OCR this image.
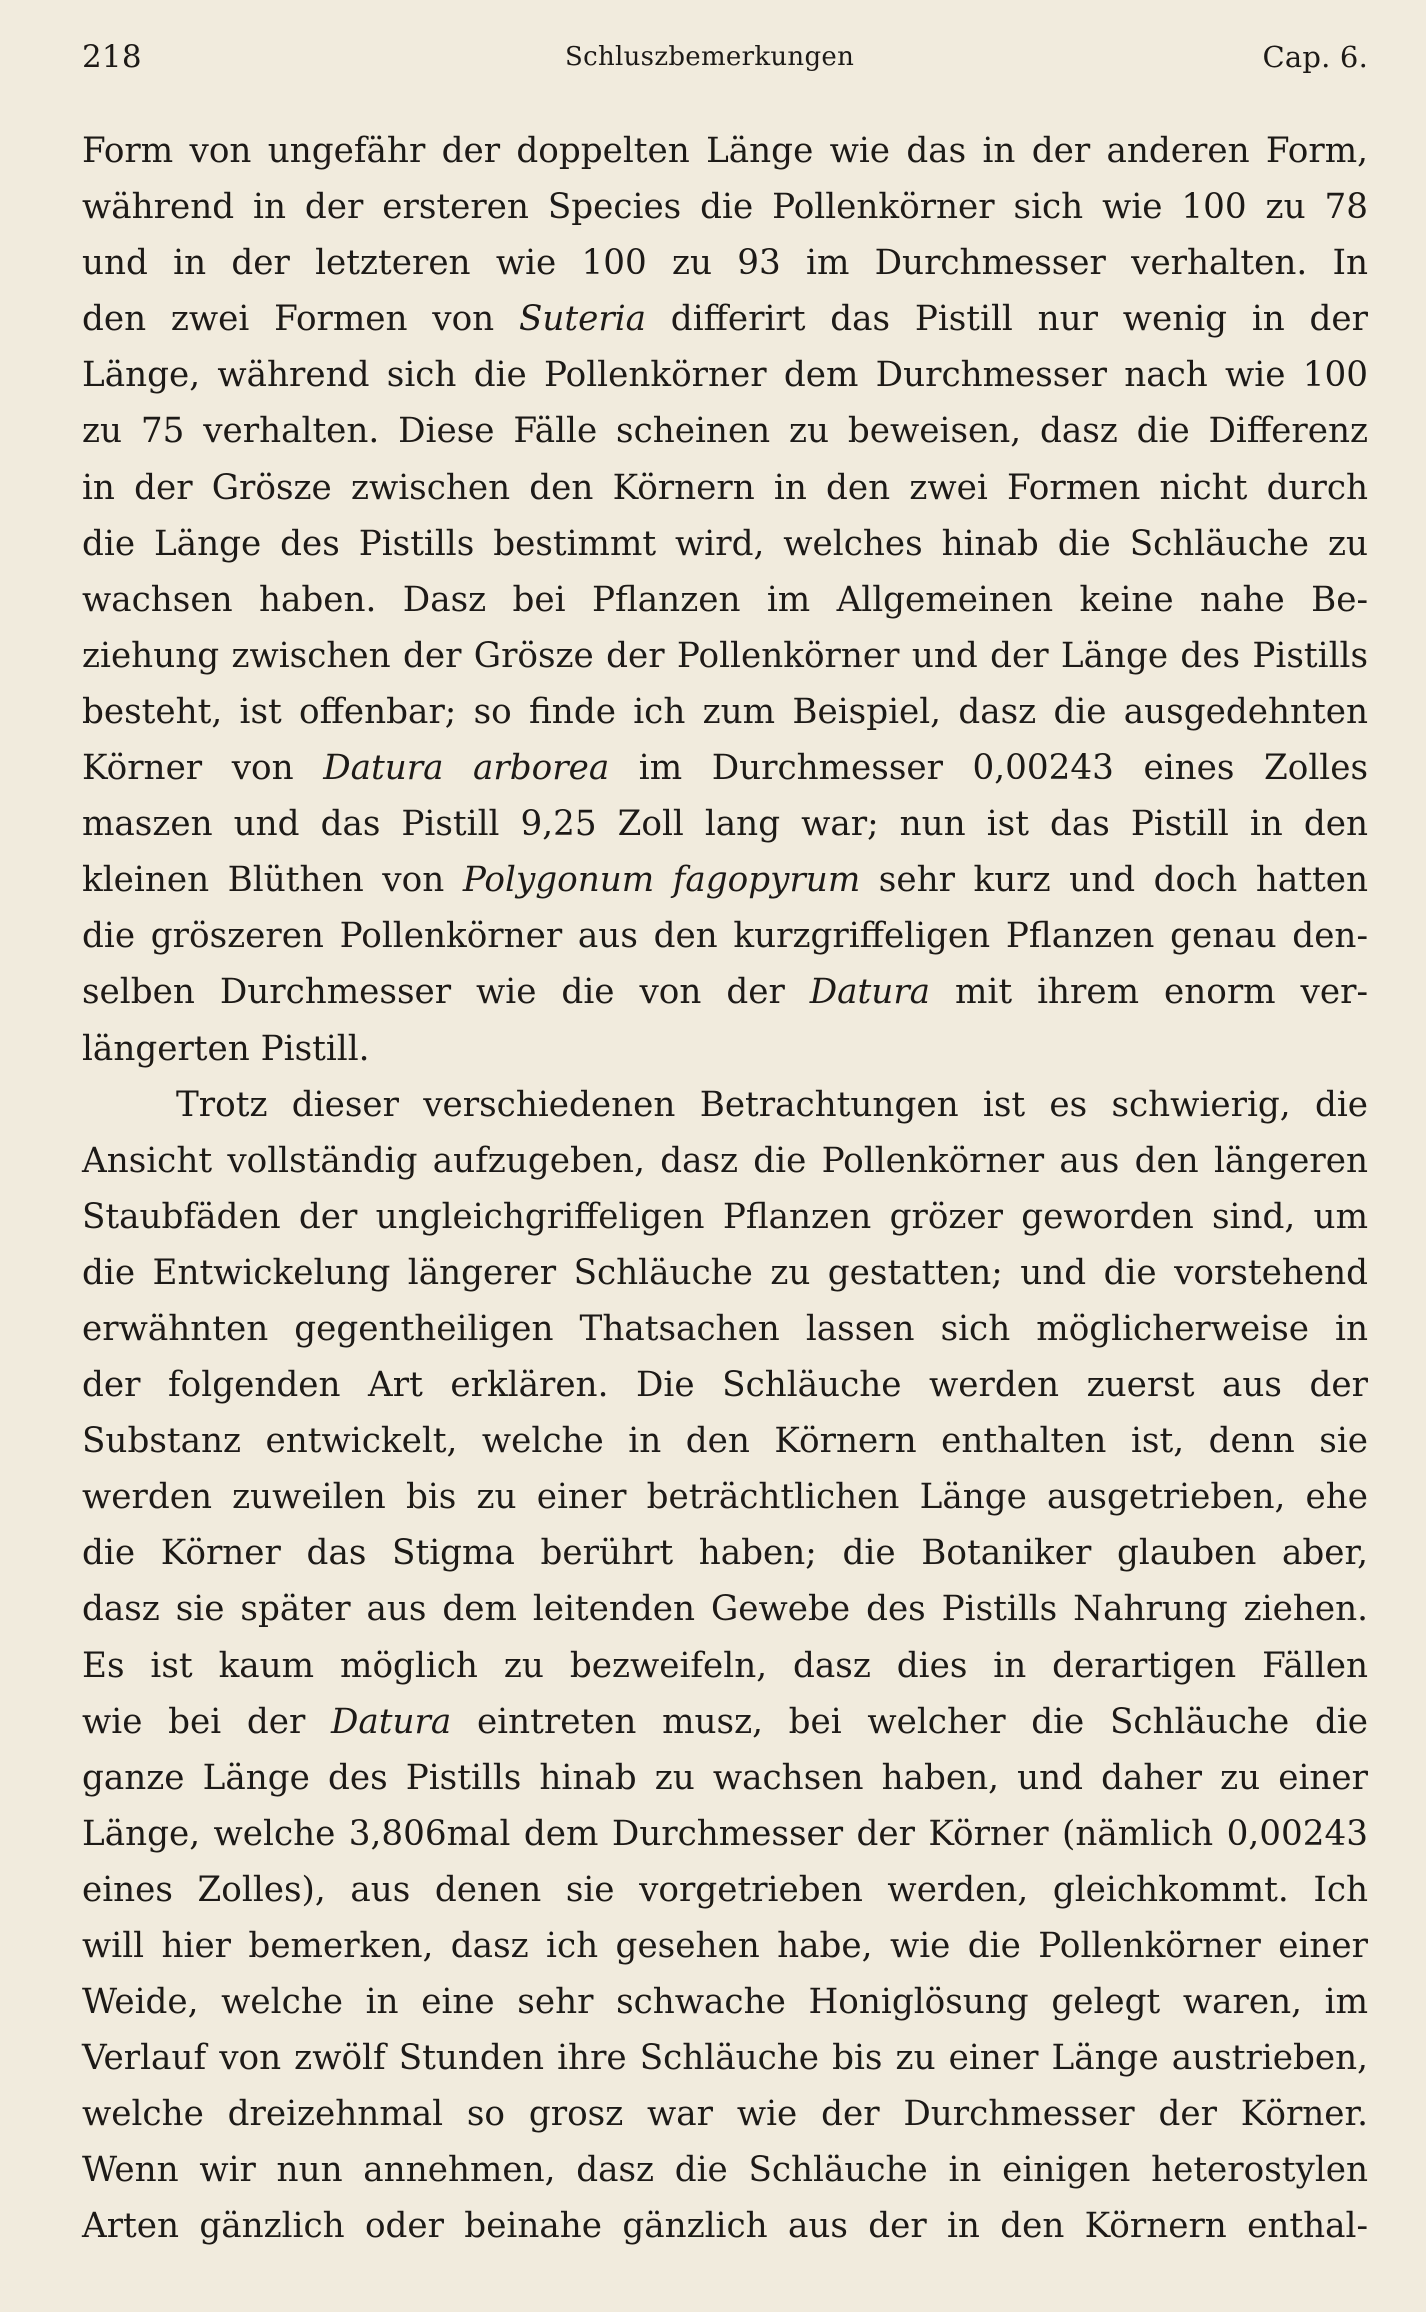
218	Schluszbemerkungen	Cap. 6.
Form von ungefähr der doppelten Länge wie das in der anderen Form,
während in der ersteren Species die Pollenkörner sich wie 100 zu 78
und in der letzteren wie 100 zu 93 im Durchmesser verhalten. In
den zwei Formen von Suteria differirt das Pistill nur wenig in der
Länge, während sich die Pollenkörner dem Durchmesser nach wie 100
zu 75 verhalten. Diese Fälle scheinen zu beweisen, dasz die Differenz
in der Grösze zwischen den Körnern in den zwei Formen nicht durch
die Länge des Pistills bestimmt wird, welches hinab die Schläuche zu
wachsen haben. Dasz bei Pflanzen im Allgemeinen keine nahe Be-
ziehung zwischen der Grösze der Pollenkörner und der Länge des Pistills
besteht, ist offenbar; so finde ich zum Beispiel, dasz die ausgedehnten
Körner von Datura arborea im Durchmesser 0,00243 eines Zolles
maszen und das Pistill 9,25 Zoll lang war; nun ist das Pistill in den
kleinen Blüthen von Polygonum fagopyrum sehr kurz und doch hatten
die gröszeren Pollenkörner aus den kurzgriffeligen Pflanzen genau den-
selben Durchmesser wie die von der Datura mit ihrem enorm ver-
längerten Pistill.
Trotz dieser verschiedenen Betrachtungen ist es schwierig, die
Ansicht vollständig aufzugeben, dasz die Pollenkörner aus den längeren
Staubfäden der ungleichgriffeligen Pflanzen grözer geworden sind, um
die Entwickelung längerer Schläuche zu gestatten; und die vorstehend
erwähnten gegentheiligen Thatsachen lassen sich möglicherweise in
der folgenden Art erklären. Die Schläuche werden zuerst aus der
Substanz entwickelt, welche in den Körnern enthalten ist, denn sie
werden zuweilen bis zu einer beträchtlichen Länge ausgetrieben, ehe
die Körner das Stigma berührt haben; die Botaniker glauben aber,
dasz sie später aus dem leitenden Gewebe des Pistills Nahrung ziehen.
Es ist kaum möglich zu bezweifeln, dasz dies in derartigen Fällen
wie bei der Datura eintreten musz, bei welcher die Schläuche die
ganze Länge des Pistills hinab zu wachsen haben, und daher zu einer
Länge, welche 3,806mal dem Durchmesser der Körner (nämlich 0,00243
eines Zolles), aus denen sie vorgetrieben werden, gleichkommt. Ich
will hier bemerken, dasz ich gesehen habe, wie die Pollenkörner einer
Weide, welche in eine sehr schwache Honiglösung gelegt waren, im
Verlauf von zwölf Stunden ihre Schläuche bis zu einer Länge austrieben,
welche dreizehnmal so grosz war wie der Durchmesser der Körner.
Wenn wir nun annehmen, dasz die Schläuche in einigen heterostylen
Arten gänzlich oder beinahe gänzlich aus der in den Körnern enthal-
